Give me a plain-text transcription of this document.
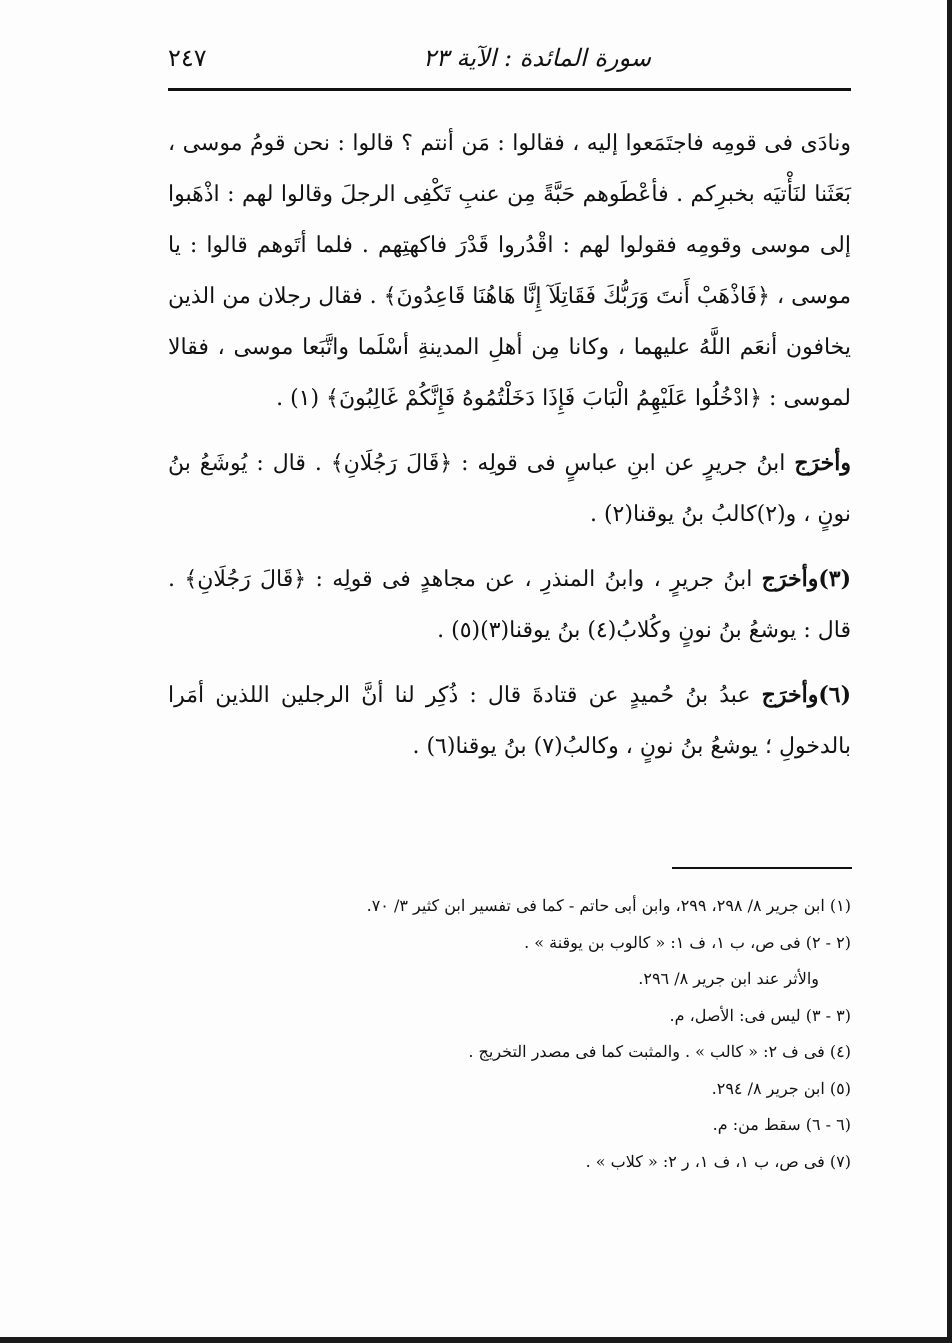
سورة المائدة : الآية ٢٣
٢٤٧

ونادَى فى قومِه فاجتَمَعوا إليه ، فقالوا : مَن أنتم ؟ قالوا : نحن قومُ موسى ، بَعَثَنا لنَأْتيَه بخبرِكم . فأعْطَوهم حَبَّةً مِن عنبِ تَكْفِى الرجلَ وقالوا لهم : اذْهَبوا إلى موسى وقومِه فقولوا لهم : اقْدُروا قَدْرَ فاكهتِهم . فلما أتَوهم قالوا : يا موسى ، ﴿فَاذْهَبْ أَنتَ وَرَبُّكَ فَقَاتِلَآ إِنَّا هَاهُنَا قَاعِدُونَ﴾ . فقال رجلان من الذين يخافون أنعَم اللَّهُ عليهما ، وكانا مِن أهلِ المدينةِ أسْلَما واتَّبَعا موسى ، فقالا لموسى : ﴿ادْخُلُوا عَلَيْهِمُ الْبَابَ فَإِذَا دَخَلْتُمُوهُ فَإِنَّكُمْ غَالِبُونَ﴾ (١) .

وأخرَج ابنُ جريرٍ عن ابنِ عباسٍ فى قولِه : ﴿قَالَ رَجُلَانِ﴾ . قال : يُوشَعُ بنُ نونٍ ، و(٢)كالبُ بنُ يوقنا(٢) .

(٣)وأخرَج ابنُ جريرٍ ، وابنُ المنذرِ ، عن مجاهدٍ فى قولِه : ﴿قَالَ رَجُلَانِ﴾ . قال : يوشعُ بنُ نونٍ وكُلابُ(٤) بنُ يوقنا(٣)(٥) .

(٦)وأخرَج عبدُ بنُ حُميدٍ عن قتادةَ قال : ذُكِر لنا أنَّ الرجلين اللذين أمَرا بالدخولِ ؛ يوشعُ بنُ نونٍ ، وكالبُ(٧) بنُ يوقنا(٦) .

(١) ابن جرير ٨/ ٢٩٨، ٢٩٩، وابن أبى حاتم - كما فى تفسير ابن كثير ٣/ ٧٠.
(٢ - ٢) فى ص، ب ١، ف ١: « كالوب بن يوقنة » .
والأثر عند ابن جرير ٨/ ٢٩٦.
(٣ - ٣) ليس فى: الأصل، م.
(٤) فى ف ٢: « كالب » . والمثبت كما فى مصدر التخريج .
(٥) ابن جرير ٨/ ٢٩٤.
(٦ - ٦) سقط من: م.
(٧) فى ص، ب ١، ف ١، ر ٢: « كلاب » .
